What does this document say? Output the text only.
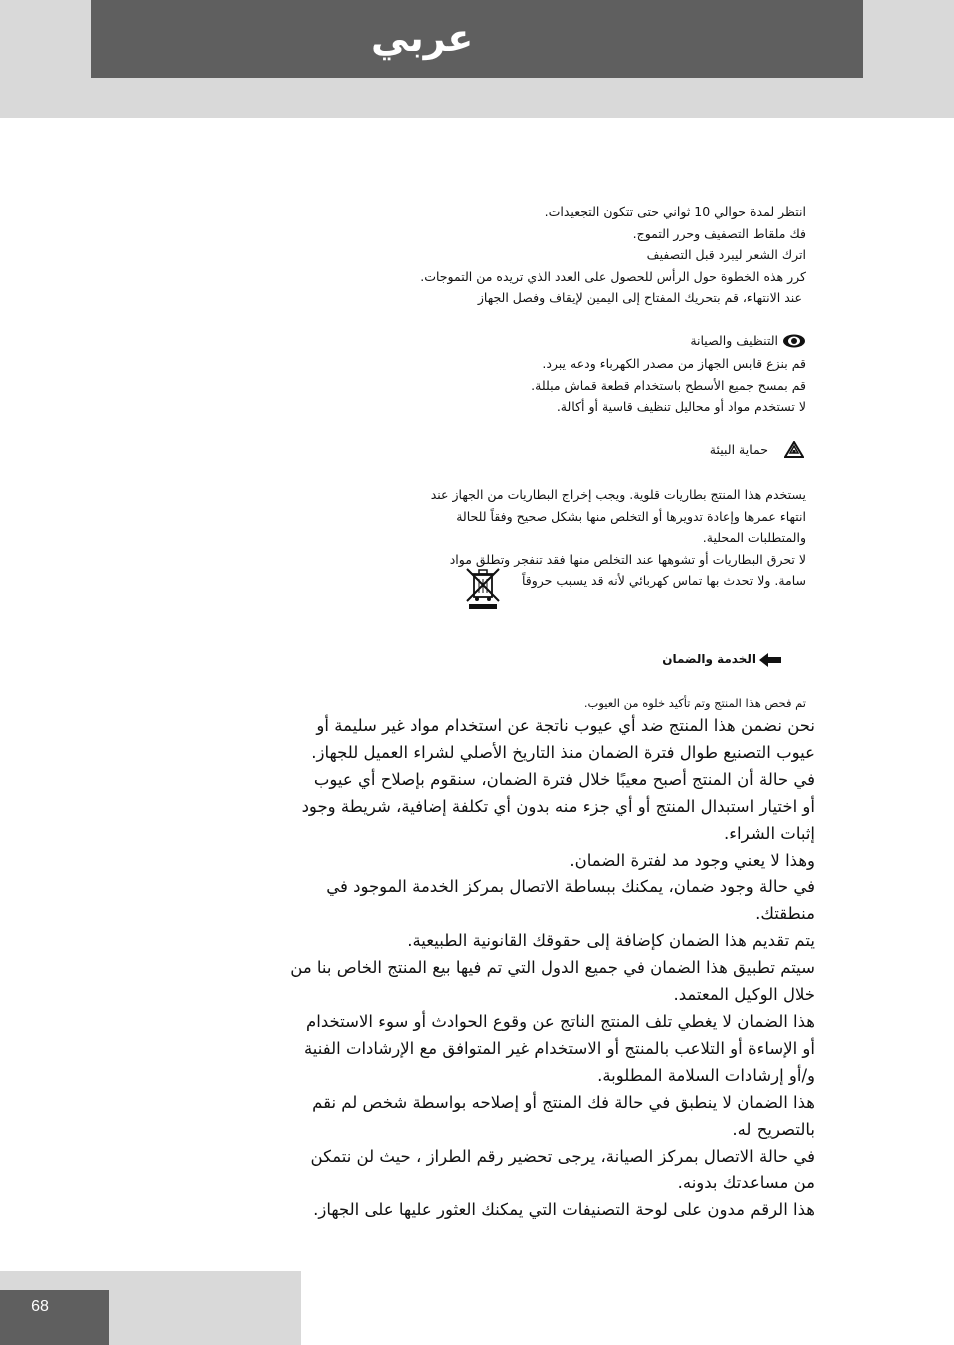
عربي
انتظر لمدة حوالي 10 ثواني حتى تتكون التجعيدات.
فك ملقاط التصفيف وحرر التموج.
اترك الشعر ليبرد قبل التصفيف
كرر هذه الخطوة حول الرأس للحصول على العدد الذي تريده من التموجات.
عند الانتهاء، قم بتحريك المفتاح إلى اليمين لإيقاف وفصل الجهاز
التنظيف والصيانة
قم بنزع قابس الجهاز من مصدر الكهرباء ودعه يبرد.
قم بمسح جميع الأسطح باستخدام قطعة قماش مبللة.
لا تستخدم مواد أو محاليل تنظيف قاسية أو أكالة.
حماية البيئة
يستخدم هذا المنتج بطاريات قلوية. ويجب إخراج البطاريات من الجهاز عند
انتهاء عمرها وإعادة تدويرها أو التخلص منها بشكل صحيح وفقاً للحالة
والمتطلبات المحلية.
لا تحرق البطاريات أو تشوهها عند التخلص منها فقد تنفجر وتطلق مواد
سامة. ولا تحدث بها تماس كهربائي لأنه قد يسبب حروقاً
الخدمة والضمان
تم فحص هذا المنتج وتم تأكيد خلوه من العيوب.
نحن نضمن هذا المنتج ضد أي عيوب ناتجة عن استخدام مواد غير سليمة أو
عيوب التصنيع طوال فترة الضمان منذ التاريخ الأصلي لشراء العميل للجهاز.
في حالة أن المنتج أصبح معيبًا خلال فترة الضمان، سنقوم بإصلاح أي عيوب
أو اختيار استبدال المنتج أو أي جزء منه بدون أي تكلفة إضافية، شريطة وجود
إثبات الشراء.
وهذا لا يعني وجود مد لفترة الضمان.
في حالة وجود ضمان، يمكنك ببساطة الاتصال بمركز الخدمة الموجود في
منطقتك.
يتم تقديم هذا الضمان كإضافة إلى حقوقك القانونية الطبيعية.
سيتم تطبيق هذا الضمان في جميع الدول التي تم فيها بيع المنتج الخاص بنا من
خلال الوكيل المعتمد.
هذا الضمان لا يغطي تلف المنتج الناتج عن وقوع الحوادث أو سوء الاستخدام
أو الإساءة أو التلاعب بالمنتج أو الاستخدام غير المتوافق مع الإرشادات الفنية
و/أو إرشادات السلامة المطلوبة.
هذا الضمان لا ينطبق في حالة فك المنتج أو إصلاحه بواسطة شخص لم نقم
بالتصريح له.
في حالة الاتصال بمركز الصيانة، يرجى تحضير رقم الطراز ، حيث لن نتمكن
من مساعدتك بدونه.
هذا الرقم مدون على لوحة التصنيفات التي يمكنك العثور عليها على الجهاز.
68
